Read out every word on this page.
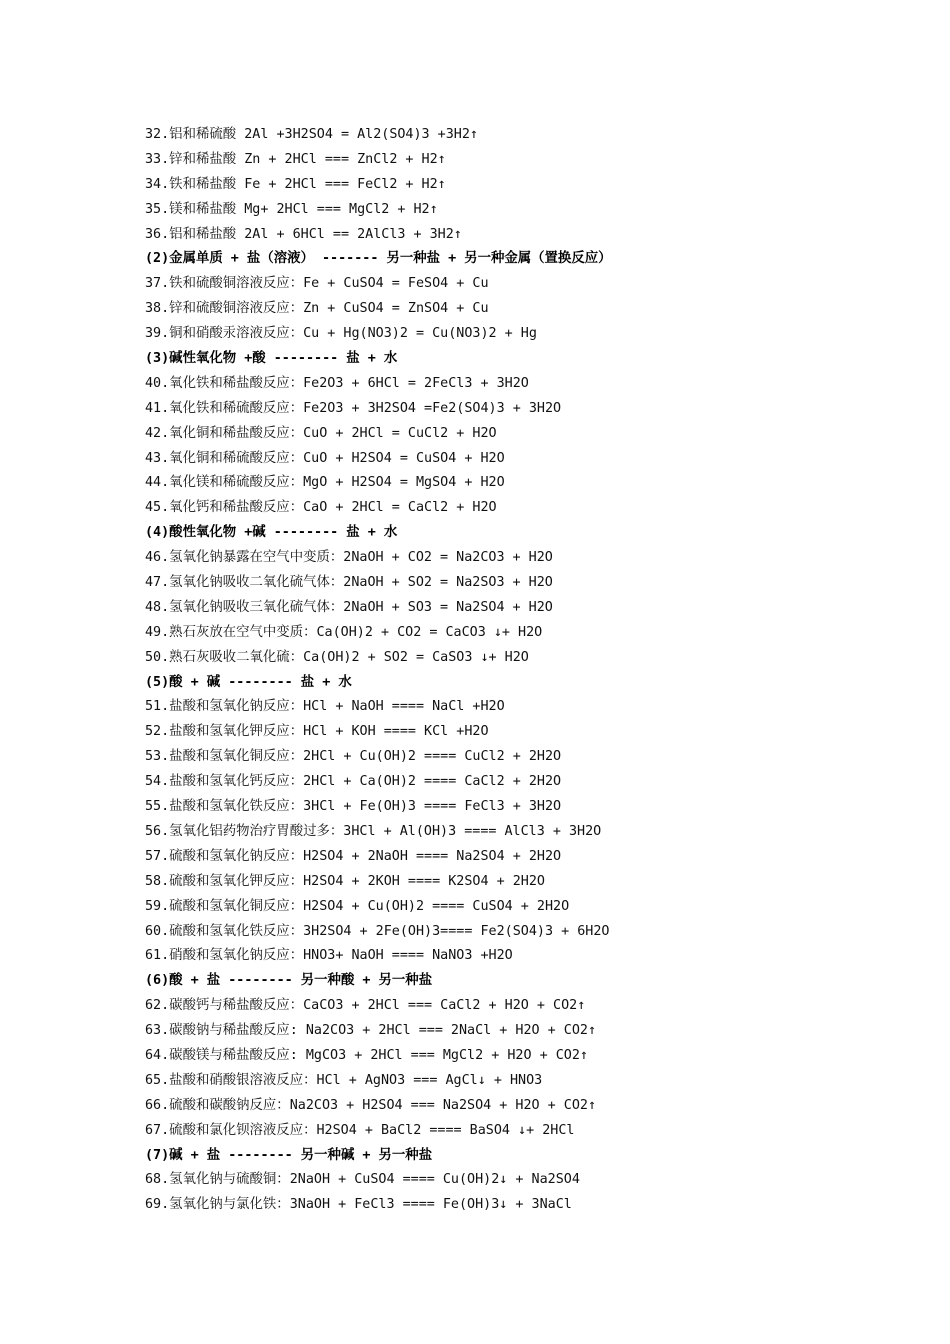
32.铝和稀硫酸 2Al +3H2SO4 = Al2(SO4)3 +3H2↑
33.锌和稀盐酸 Zn + 2HCl === ZnCl2 + H2↑
34.铁和稀盐酸 Fe + 2HCl === FeCl2 + H2↑
35.镁和稀盐酸 Mg+ 2HCl === MgCl2 + H2↑
36.铝和稀盐酸 2Al + 6HCl == 2AlCl3 + 3H2↑
(2)金属单质 + 盐（溶液） ------- 另一种盐 + 另一种金属（置换反应）
37.铁和硫酸铜溶液反应：Fe + CuSO4 = FeSO4 + Cu
38.锌和硫酸铜溶液反应：Zn + CuSO4 = ZnSO4 + Cu
39.铜和硝酸汞溶液反应：Cu + Hg(NO3)2 = Cu(NO3)2 + Hg
(3)碱性氧化物 +酸 -------- 盐 + 水
40.氧化铁和稀盐酸反应：Fe2O3 + 6HCl = 2FeCl3 + 3H2O
41.氧化铁和稀硫酸反应：Fe2O3 + 3H2SO4 =Fe2(SO4)3 + 3H2O
42.氧化铜和稀盐酸反应：CuO + 2HCl = CuCl2 + H2O
43.氧化铜和稀硫酸反应：CuO + H2SO4 = CuSO4 + H2O
44.氧化镁和稀硫酸反应：MgO + H2SO4 = MgSO4 + H2O
45.氧化钙和稀盐酸反应：CaO + 2HCl = CaCl2 + H2O
(4)酸性氧化物 +碱 -------- 盐 + 水
46.氢氧化钠暴露在空气中变质：2NaOH + CO2 = Na2CO3 + H2O
47.氢氧化钠吸收二氧化硫气体：2NaOH + SO2 = Na2SO3 + H2O
48.氢氧化钠吸收三氧化硫气体：2NaOH + SO3 = Na2SO4 + H2O
49.熟石灰放在空气中变质：Ca(OH)2 + CO2 = CaCO3 ↓+ H2O
50.熟石灰吸收二氧化硫：Ca(OH)2 + SO2 = CaSO3 ↓+ H2O
(5)酸 + 碱 -------- 盐 + 水
51.盐酸和氢氧化钠反应：HCl + NaOH ==== NaCl +H2O
52.盐酸和氢氧化钾反应：HCl + KOH ==== KCl +H2O
53.盐酸和氢氧化铜反应：2HCl + Cu(OH)2 ==== CuCl2 + 2H2O
54.盐酸和氢氧化钙反应：2HCl + Ca(OH)2 ==== CaCl2 + 2H2O
55.盐酸和氢氧化铁反应：3HCl + Fe(OH)3 ==== FeCl3 + 3H2O
56.氢氧化铝药物治疗胃酸过多：3HCl + Al(OH)3 ==== AlCl3 + 3H2O
57.硫酸和氢氧化钠反应：H2SO4 + 2NaOH ==== Na2SO4 + 2H2O
58.硫酸和氢氧化钾反应：H2SO4 + 2KOH ==== K2SO4 + 2H2O
59.硫酸和氢氧化铜反应：H2SO4 + Cu(OH)2 ==== CuSO4 + 2H2O
60.硫酸和氢氧化铁反应：3H2SO4 + 2Fe(OH)3==== Fe2(SO4)3 + 6H2O
61.硝酸和氢氧化钠反应：HNO3+ NaOH ==== NaNO3 +H2O
(6)酸 + 盐 -------- 另一种酸 + 另一种盐
62.碳酸钙与稀盐酸反应：CaCO3 + 2HCl === CaCl2 + H2O + CO2↑
63.碳酸钠与稀盐酸反应: Na2CO3 + 2HCl === 2NaCl + H2O + CO2↑
64.碳酸镁与稀盐酸反应: MgCO3 + 2HCl === MgCl2 + H2O + CO2↑
65.盐酸和硝酸银溶液反应：HCl + AgNO3 === AgCl↓ + HNO3
66.硫酸和碳酸钠反应：Na2CO3 + H2SO4 === Na2SO4 + H2O + CO2↑
67.硫酸和氯化钡溶液反应：H2SO4 + BaCl2 ==== BaSO4 ↓+ 2HCl
(7)碱 + 盐 -------- 另一种碱 + 另一种盐
68.氢氧化钠与硫酸铜：2NaOH + CuSO4 ==== Cu(OH)2↓ + Na2SO4
69.氢氧化钠与氯化铁：3NaOH + FeCl3 ==== Fe(OH)3↓ + 3NaCl
